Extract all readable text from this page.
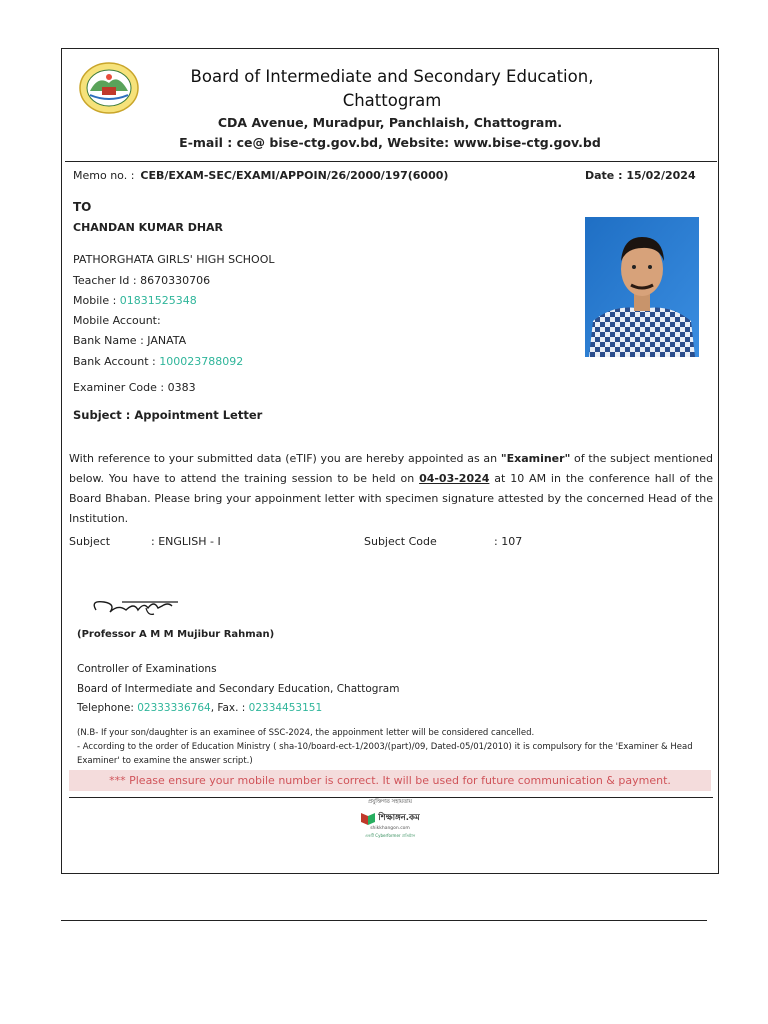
Board of Intermediate and Secondary Education, Chattogram
CDA Avenue, Muradpur, Panchlaish, Chattogram.
E-mail : ce@ bise-ctg.gov.bd, Website: www.bise-ctg.gov.bd
Memo no. : CEB/EXAM-SEC/EXAMI/APPOIN/26/2000/197(6000)	Date : 15/02/2024
TO
CHANDAN KUMAR DHAR
PATHORGHATA GIRLS' HIGH SCHOOL
Teacher Id : 8670330706
Mobile : 01831525348
Mobile Account:
Bank Name : JANATA
Bank Account : 100023788092
Examiner Code : 0383
Subject : Appointment Letter
With reference to your submitted data (eTIF) you are hereby appointed as an "Examiner" of the subject mentioned below. You have to attend the training session to be held on 04-03-2024 at 10 AM in the conference hall of the Board Bhaban. Please bring your appoinment letter with specimen signature attested by the concerned Head of the Institution.
Subject	: ENGLISH - I	Subject Code	: 107
(Professor A M M Mujibur Rahman)
Controller of Examinations
Board of Intermediate and Secondary Education, Chattogram
Telephone: 02333336764, Fax. : 02334453151
(N.B- If your son/daughter is an examinee of SSC-2024, the appoinment letter will be considered cancelled.
- According to the order of Education Ministry ( sha-10/board-ect-1/2003/(part)/09, Dated-05/01/2010) it is compulsory for the 'Examiner & Head Examiner' to examine the answer script.)
*** Please ensure your mobile number is correct. It will be used for future communication & payment.
প্রযুক্তিগত সহায়তায়
শিক্ষাঙ্গন.কম
shikkhangon.com
একটি Cyberformer প্রতিষ্ঠান
